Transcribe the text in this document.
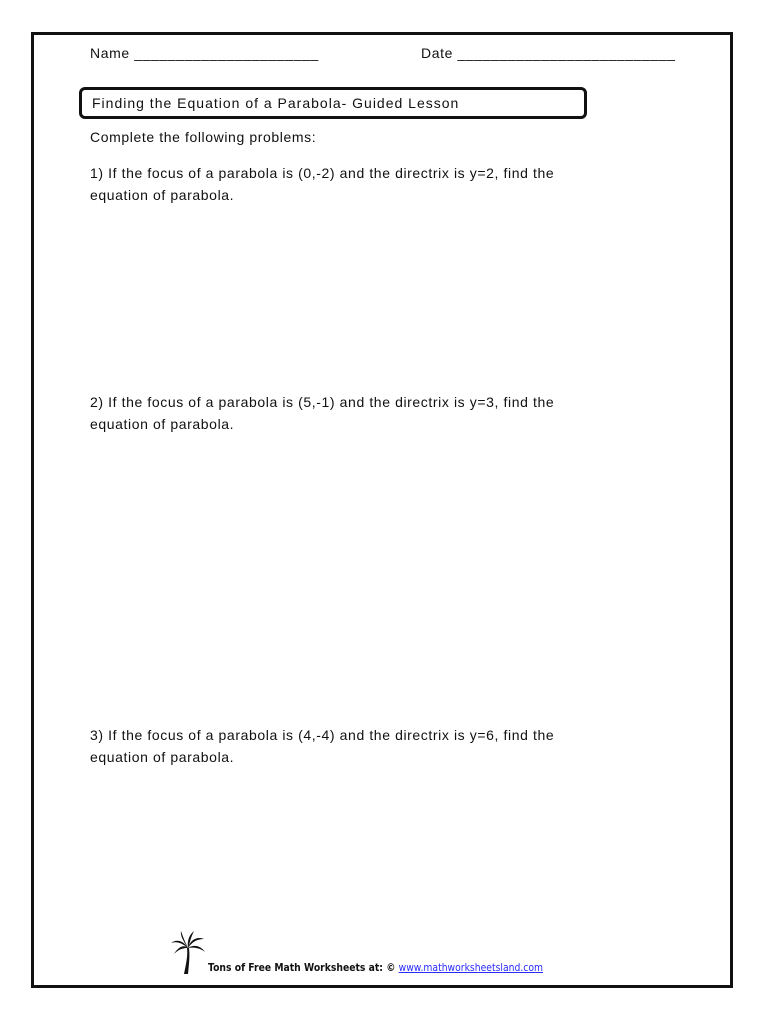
Name ______________________	Date __________________________
Finding the Equation of a Parabola- Guided Lesson
Complete the following problems:
1) If the focus of a parabola is (0,-2) and the directrix is y=2, find the
equation of parabola.
2) If the focus of a parabola is (5,-1) and the directrix is y=3, find the
equation of parabola.
3) If the focus of a parabola is (4,-4) and the directrix is y=6, find the
equation of parabola.
Tons of Free Math Worksheets at: © www.mathworksheetsland.com
